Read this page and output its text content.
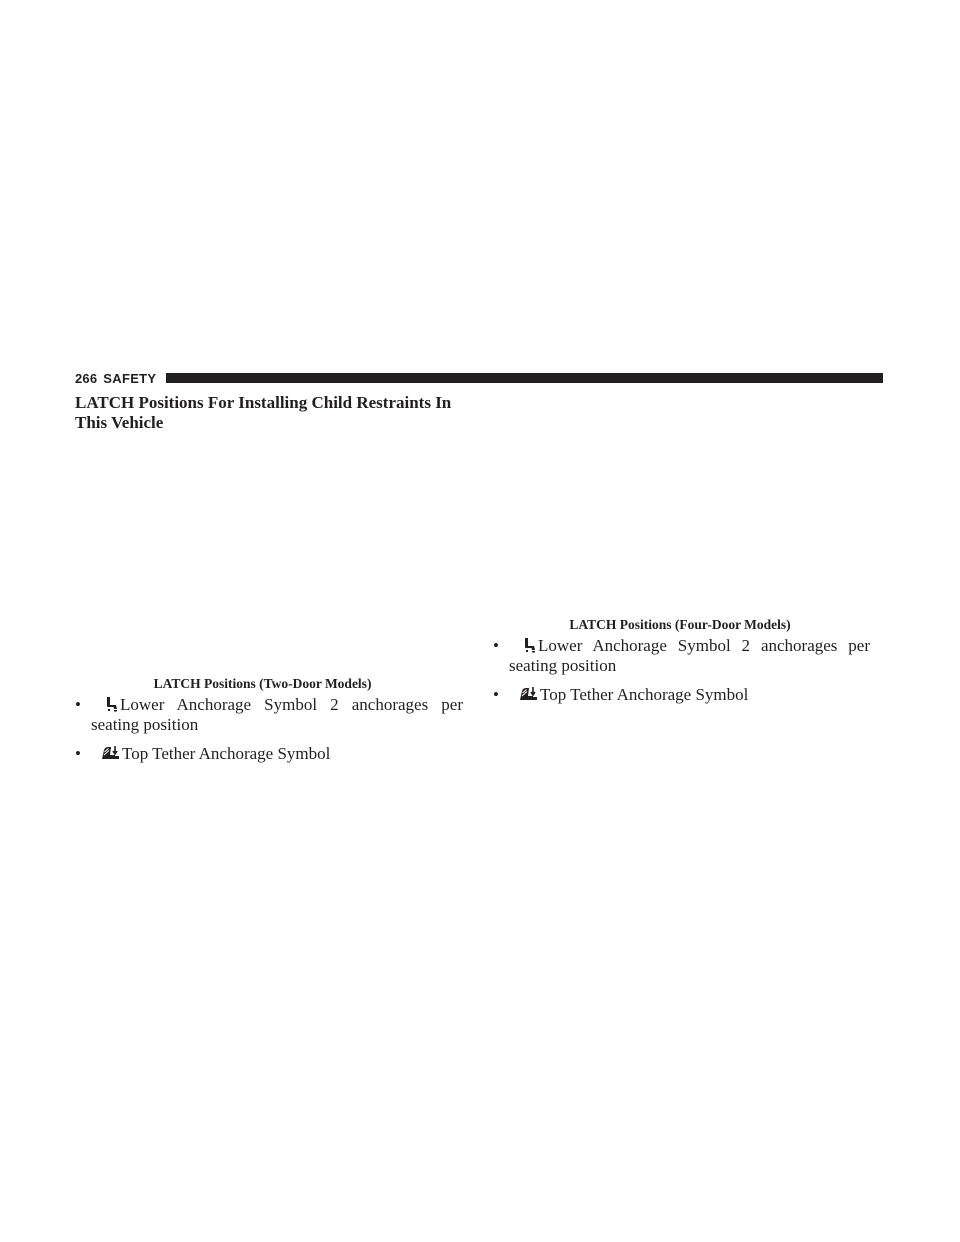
266 SAFETY
LATCH Positions For Installing Child Restraints In This Vehicle
LATCH Positions (Two-Door Models)
• Lower Anchorage Symbol 2 anchorages per seating position
• Top Tether Anchorage Symbol
LATCH Positions (Four-Door Models)
• Lower Anchorage Symbol 2 anchorages per seating position
• Top Tether Anchorage Symbol
